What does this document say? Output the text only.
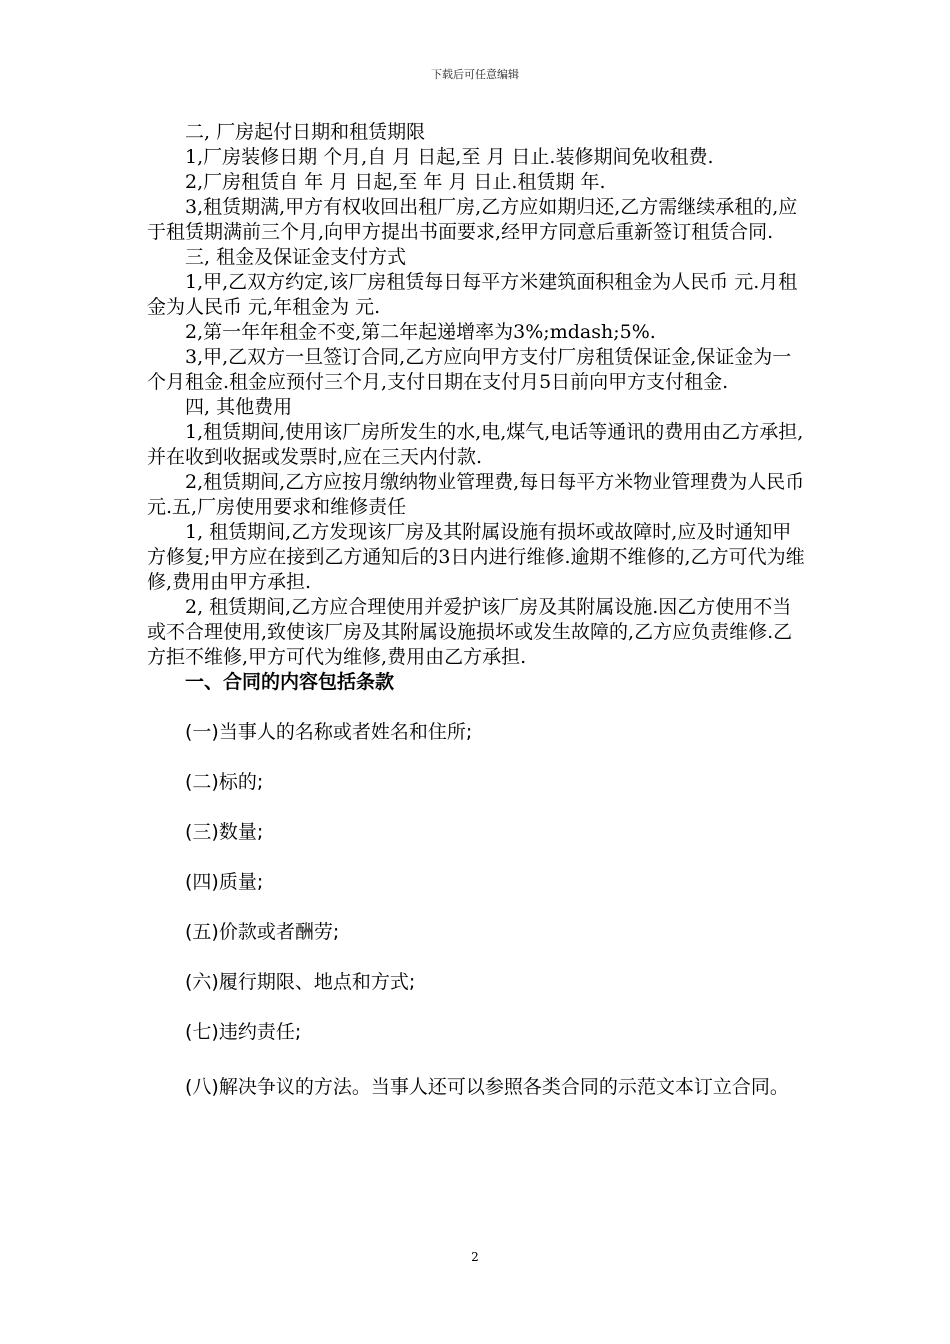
下载后可任意编辑

二, 厂房起付日期和租赁期限

1,厂房装修日期 个月,自 月 日起,至 月 日止.装修期间免收租费.

2,厂房租赁自 年 月 日起,至 年 月 日止.租赁期 年.

3,租赁期满,甲方有权收回出租厂房,乙方应如期归还,乙方需继续承租的,应于租赁期满前三个月,向甲方提出书面要求,经甲方同意后重新签订租赁合同.

三, 租金及保证金支付方式

1,甲,乙双方约定,该厂房租赁每日每平方米建筑面积租金为人民币 元.月租金为人民币 元,年租金为 元.

2,第一年年租金不变,第二年起递增率为3%;mdash;5%.

3,甲,乙双方一旦签订合同,乙方应向甲方支付厂房租赁保证金,保证金为一个月租金.租金应预付三个月,支付日期在支付月5日前向甲方支付租金.

四, 其他费用

1,租赁期间,使用该厂房所发生的水,电,煤气,电话等通讯的费用由乙方承担,并在收到收据或发票时,应在三天内付款.

2,租赁期间,乙方应按月缴纳物业管理费,每日每平方米物业管理费为人民币 元.五,厂房使用要求和维修责任

1, 租赁期间,乙方发现该厂房及其附属设施有损坏或故障时,应及时通知甲方修复;甲方应在接到乙方通知后的3日内进行维修.逾期不维修的,乙方可代为维修,费用由甲方承担.

2, 租赁期间,乙方应合理使用并爱护该厂房及其附属设施.因乙方使用不当或不合理使用,致使该厂房及其附属设施损坏或发生故障的,乙方应负责维修.乙方拒不维修,甲方可代为维修,费用由乙方承担.

一、合同的内容包括条款

(一)当事人的名称或者姓名和住所;

(二)标的;

(三)数量;

(四)质量;

(五)价款或者酬劳;

(六)履行期限、地点和方式;

(七)违约责任;

(八)解决争议的方法。当事人还可以参照各类合同的示范文本订立合同。

2
